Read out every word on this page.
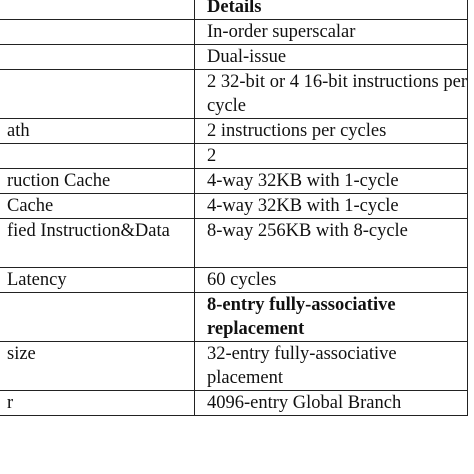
	Details

	In-order superscalar

	Dual-issue

	2 32-bit or 4 16-bit instructions per
cycle

ath	2 instructions per cycles

	2

ruction Cache	4-way 32KB with 1-cycle

Cache	4-way 32KB with 1-cycle

fied Instruction&Data	8-way 256KB with 8-cycle

Latency	60 cycles

	8-entry fully-associative
replacement

size	32-entry fully-associative
placement

r	4096-entry Global Branch
